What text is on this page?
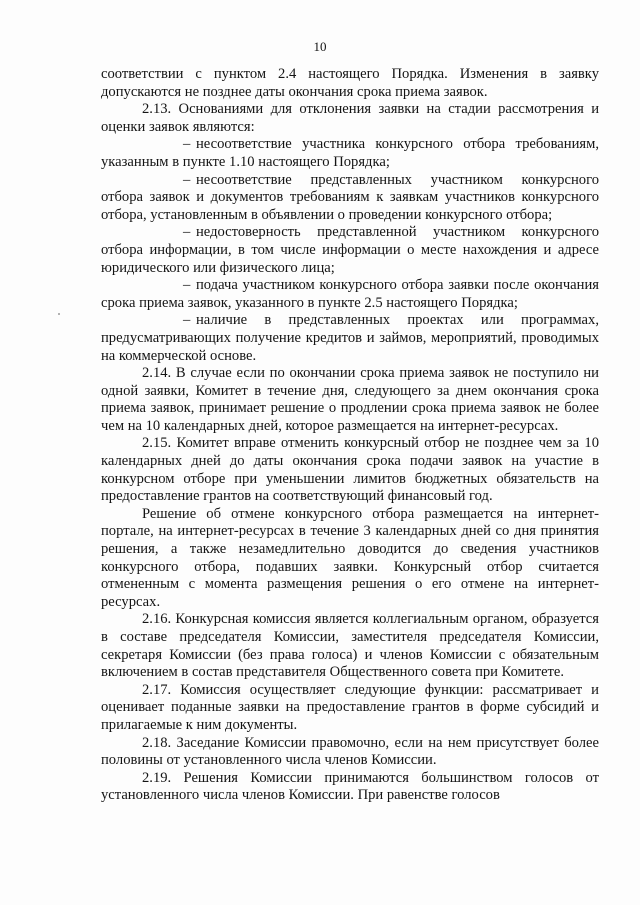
10

соответствии с пунктом 2.4 настоящего Порядка. Изменения в заявку допускаются не позднее даты окончания срока приема заявок.

2.13. Основаниями для отклонения заявки на стадии рассмотрения и оценки заявок являются:

– несоответствие участника конкурсного отбора требованиям, указанным в пункте 1.10 настоящего Порядка;

– несоответствие представленных участником конкурсного отбора заявок и документов требованиям к заявкам участников конкурсного отбора, установленным в объявлении о проведении конкурсного отбора;

– недостоверность представленной участником конкурсного отбора информации, в том числе информации о месте нахождения и адресе юридического или физического лица;

– подача участником конкурсного отбора заявки после окончания срока приема заявок, указанного в пункте 2.5 настоящего Порядка;

– наличие в представленных проектах или программах, предусматривающих получение кредитов и займов, мероприятий, проводимых на коммерческой основе.

2.14. В случае если по окончании срока приема заявок не поступило ни одной заявки, Комитет в течение дня, следующего за днем окончания срока приема заявок, принимает решение о продлении срока приема заявок не более чем на 10 календарных дней, которое размещается на интернет-ресурсах.

2.15. Комитет вправе отменить конкурсный отбор не позднее чем за 10 календарных дней до даты окончания срока подачи заявок на участие в конкурсном отборе при уменьшении лимитов бюджетных обязательств на предоставление грантов на соответствующий финансовый год.

Решение об отмене конкурсного отбора размещается на интернет-портале, на интернет-ресурсах в течение 3 календарных дней со дня принятия решения, а также незамедлительно доводится до сведения участников конкурсного отбора, подавших заявки. Конкурсный отбор считается отмененным с момента размещения решения о его отмене на интернет-ресурсах.

2.16. Конкурсная комиссия является коллегиальным органом, образуется в составе председателя Комиссии, заместителя председателя Комиссии, секретаря Комиссии (без права голоса) и членов Комиссии с обязательным включением в состав представителя Общественного совета при Комитете.

2.17. Комиссия осуществляет следующие функции: рассматривает и оценивает поданные заявки на предоставление грантов в форме субсидий и прилагаемые к ним документы.

2.18. Заседание Комиссии правомочно, если на нем присутствует более половины от установленного числа членов Комиссии.

2.19. Решения Комиссии принимаются большинством голосов от установленного числа членов Комиссии. При равенстве голосов
